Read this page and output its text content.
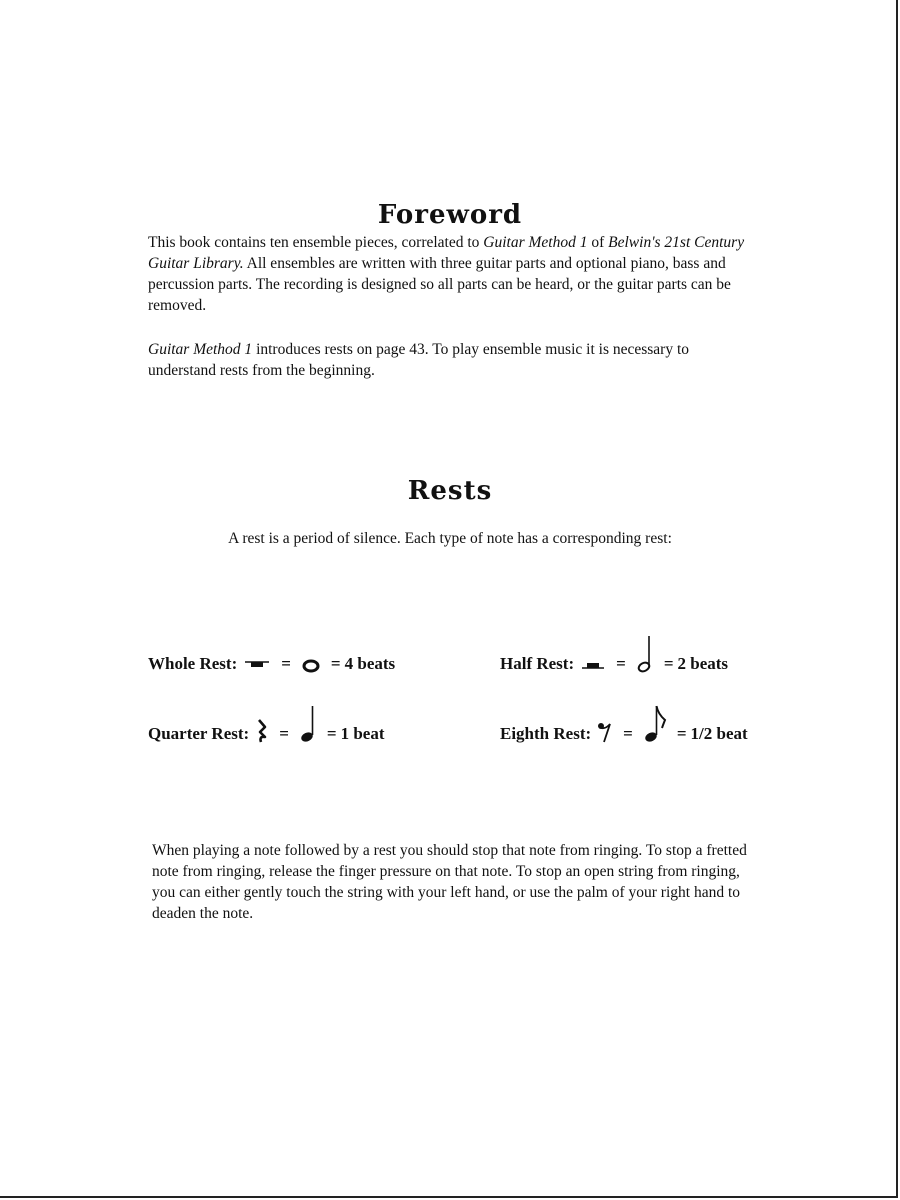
Foreword

This book contains ten ensemble pieces, correlated to Guitar Method 1 of Belwin's 21st Century Guitar Library. All ensembles are written with three guitar parts and optional piano, bass and percussion parts. The recording is designed so all parts can be heard, or the guitar parts can be removed.

Guitar Method 1 introduces rests on page 43. To play ensemble music it is necessary to understand rests from the beginning.

Rests

A rest is a period of silence. Each type of note has a corresponding rest:

Whole Rest:	= = 4 beats	Half Rest: = = 2 beats
Quarter Rest: = = 1 beat	Eighth Rest: =	= 1/2 beat

When playing a note followed by a rest you should stop that note from ringing. To stop a fretted note from ringing, release the finger pressure on that note. To stop an open string from ringing, you can either gently touch the string with your left hand, or use the palm of your right hand to deaden the note.
